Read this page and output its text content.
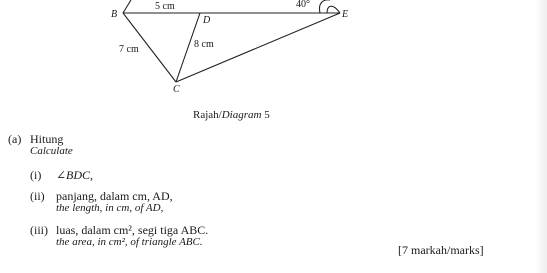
B
D
E
C
5 cm
7 cm	8 cm
40°
Rajah/Diagram 5
(a) Hitung
Calculate
(i) ∠BDC,
(ii) panjang, dalam cm, AD,
the length, in cm, of AD,
(iii) luas, dalam cm², segi tiga ABC.
the area, in cm², of triangle ABC.
[7 markah/marks]
